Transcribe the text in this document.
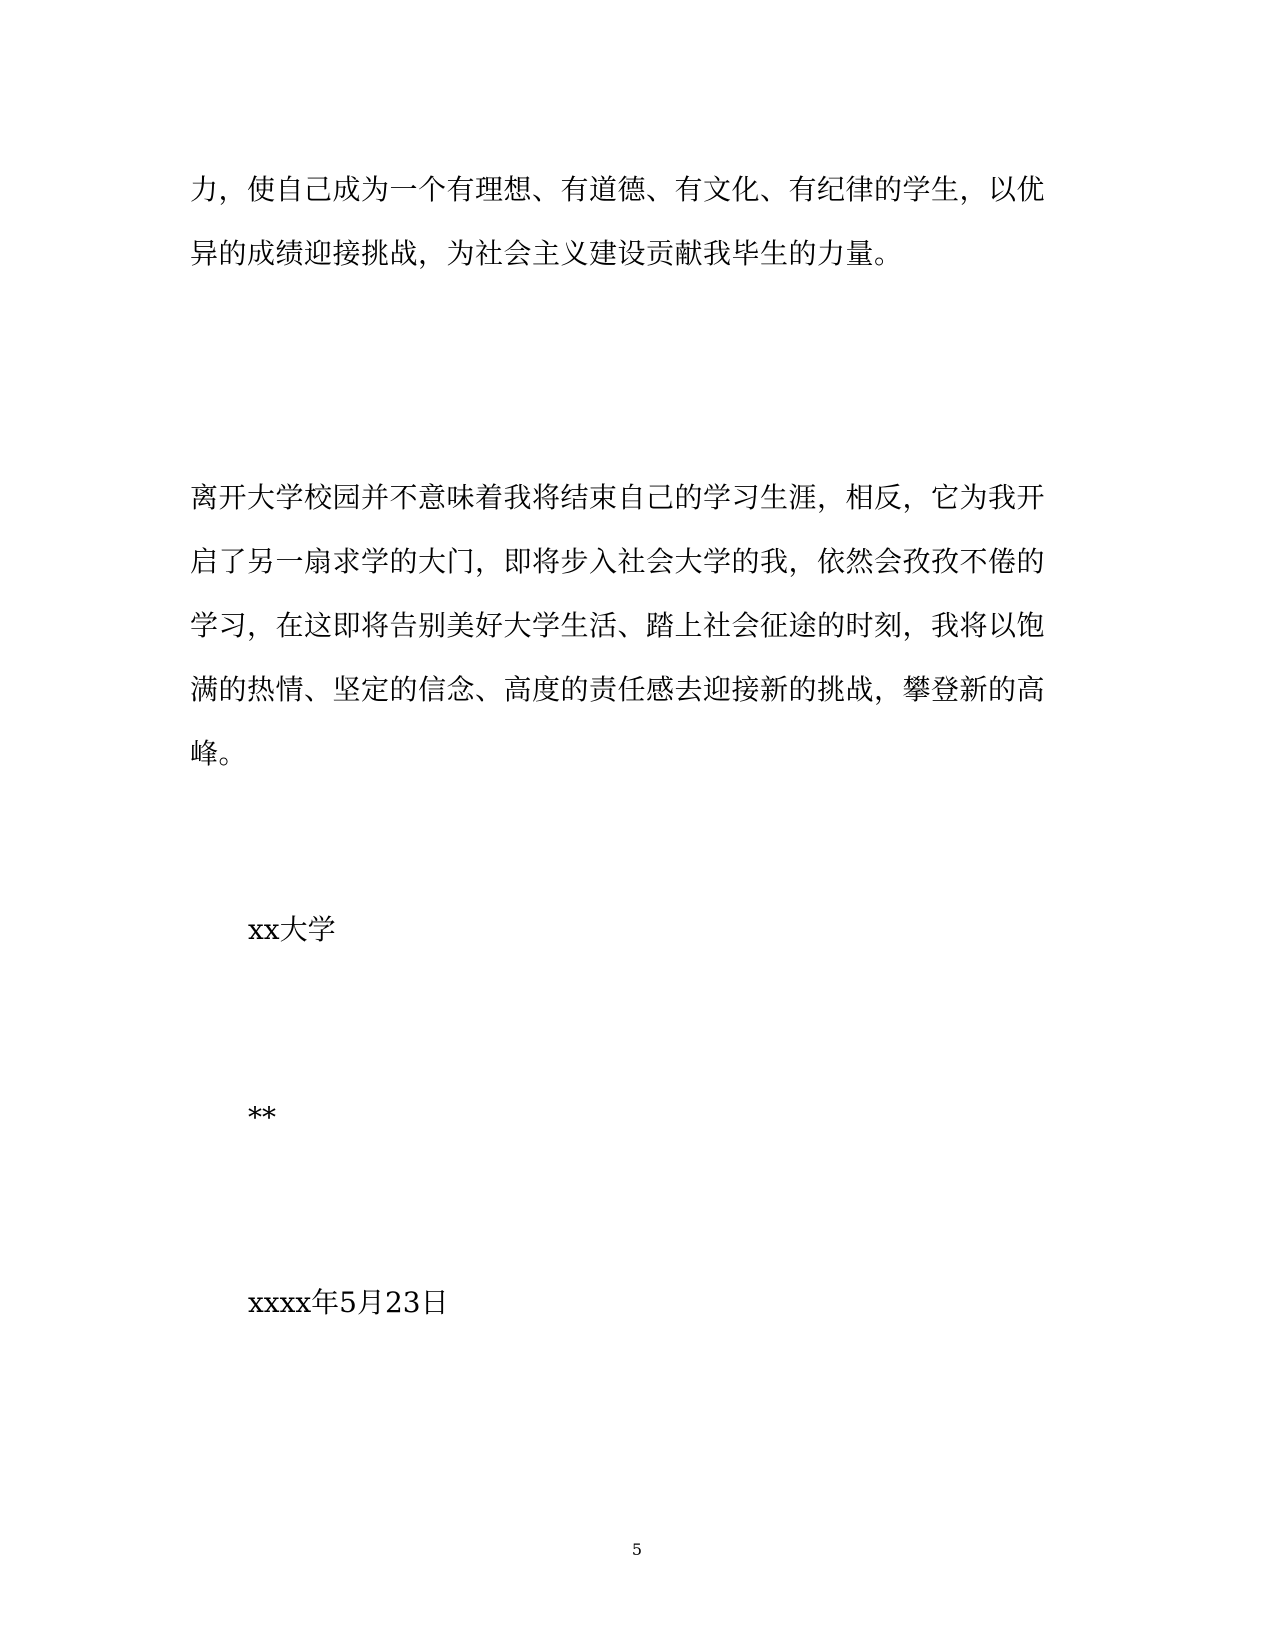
力，使自己成为一个有理想、有道德、有文化、有纪律的学生，以优
异的成绩迎接挑战，为社会主义建设贡献我毕生的力量。
离开大学校园并不意味着我将结束自己的学习生涯，相反，它为我开
启了另一扇求学的大门，即将步入社会大学的我，依然会孜孜不倦的
学习，在这即将告别美好大学生活、踏上社会征途的时刻，我将以饱
满的热情、坚定的信念、高度的责任感去迎接新的挑战，攀登新的高
峰。
xx大学
**
xxxx年5月23日
5
